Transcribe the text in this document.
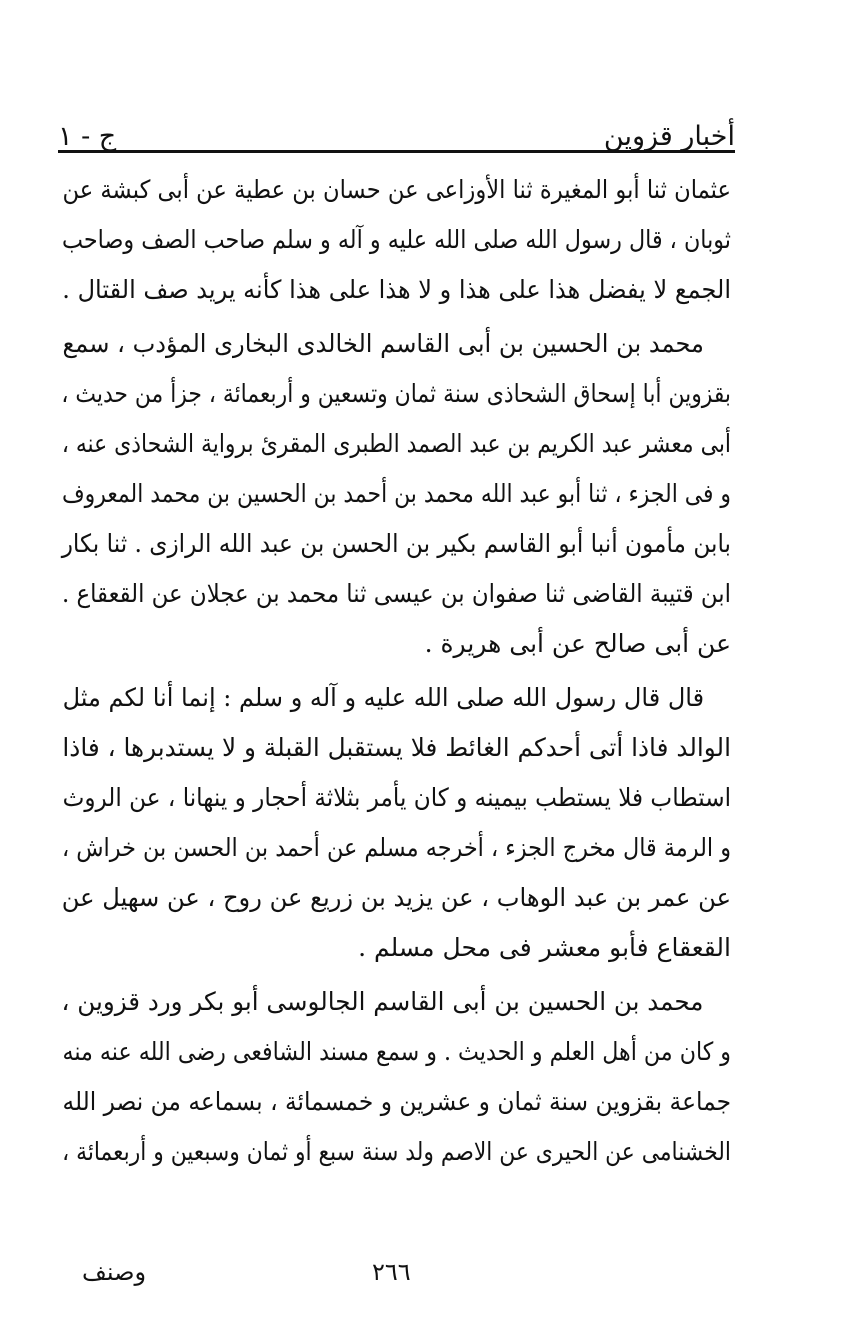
ج - ١	أخبار قزوين
عثمان ثنا أبو المغيرة ثنا الأوزاعى عن حسان بن عطية عن أبى كبشة عن
ثوبان ، قال رسول الله صلى الله عليه و آله و سلم صاحب الصف وصاحب
الجمع لا يفضل هذا على هذا و لا هذا على هذا كأنه يريد صف القتال .
محمد بن الحسين بن أبى القاسم الخالدى البخارى المؤدب ، سمع
بقزوين أبا إسحاق الشحاذى سنة ثمان وتسعين و أربعمائة ، جزأ من حديث ،
أبى معشر عبد الكريم بن عبد الصمد الطبرى المقرئ برواية الشحاذى عنه ،
و فى الجزء ، ثنا أبو عبد الله محمد بن أحمد بن الحسين بن محمد المعروف
بابن مأمون أنبا أبو القاسم بكير بن الحسن بن عبد الله الرازى . ثنا بكار
ابن قتيبة القاضى ثنا صفوان بن عيسى ثنا محمد بن عجلان عن القعقاع .
عن أبى صالح عن أبى هريرة .
قال قال رسول الله صلى الله عليه و آله و سلم : إنما أنا لكم مثل
الوالد فاذا أتى أحدكم الغائط فلا يستقبل القبلة و لا يستدبرها ، فاذا
استطاب فلا يستطب بيمينه و كان يأمر بثلاثة أحجار و ينهانا ، عن الروث
و الرمة قال مخرج الجزء ، أخرجه مسلم عن أحمد بن الحسن بن خراش ،
عن عمر بن عبد الوهاب ، عن يزيد بن زريع عن روح ، عن سهيل عن
القعقاع فأبو معشر فى محل مسلم .
محمد بن الحسين بن أبى القاسم الجالوسى أبو بكر ورد قزوين ،
و كان من أهل العلم و الحديث . و سمع مسند الشافعى رضى الله عنه منه
جماعة بقزوين سنة ثمان و عشرين و خمسمائة ، بسماعه من نصر الله
الخشنامى عن الحيرى عن الاصم ولد سنة سبع أو ثمان وسبعين و أربعمائة ،
وصنف	٢٦٦
